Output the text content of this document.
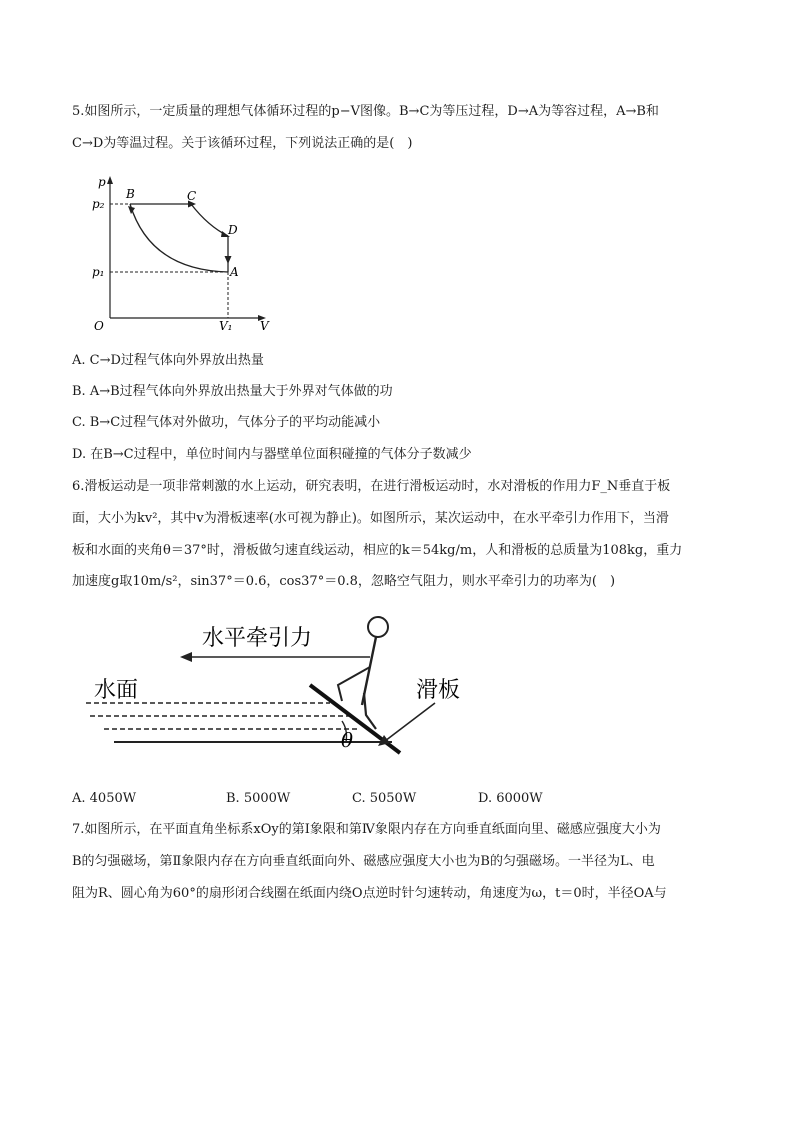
5.如图所示，一定质量的理想气体循环过程的p−V图像。B→C为等压过程，D→A为等容过程，A→B和
C→D为等温过程。关于该循环过程，下列说法正确的是(　)
p
V
O
p₂
p₁
V₁
B	C
D
A
A. C→D过程气体向外界放出热量
B. A→B过程气体向外界放出热量大于外界对气体做的功
C. B→C过程气体对外做功，气体分子的平均动能减小
D. 在B→C过程中，单位时间内与器壁单位面积碰撞的气体分子数减少
6.滑板运动是一项非常刺激的水上运动，研究表明，在进行滑板运动时，水对滑板的作用力F_N垂直于板
面，大小为kv²，其中v为滑板速率(水可视为静止)。如图所示，某次运动中，在水平牵引力作用下，当滑
板和水面的夹角θ＝37°时，滑板做匀速直线运动，相应的k＝54kg/m，人和滑板的总质量为108kg，重力
加速度g取10m/s²，sin37°＝0.6，cos37°＝0.8，忽略空气阻力，则水平牵引力的功率为(　)
水平牵引力
θ
水面	滑板
A. 4050W	B. 5000W	C. 5050W	D. 6000W
7.如图所示，在平面直角坐标系xOy的第Ⅰ象限和第Ⅳ象限内存在方向垂直纸面向里、磁感应强度大小为
B的匀强磁场，第Ⅱ象限内存在方向垂直纸面向外、磁感应强度大小也为B的匀强磁场。一半径为L、电
阻为R、圆心角为60°的扇形闭合线圈在纸面内绕O点逆时针匀速转动，角速度为ω，t＝0时，半径OA与
